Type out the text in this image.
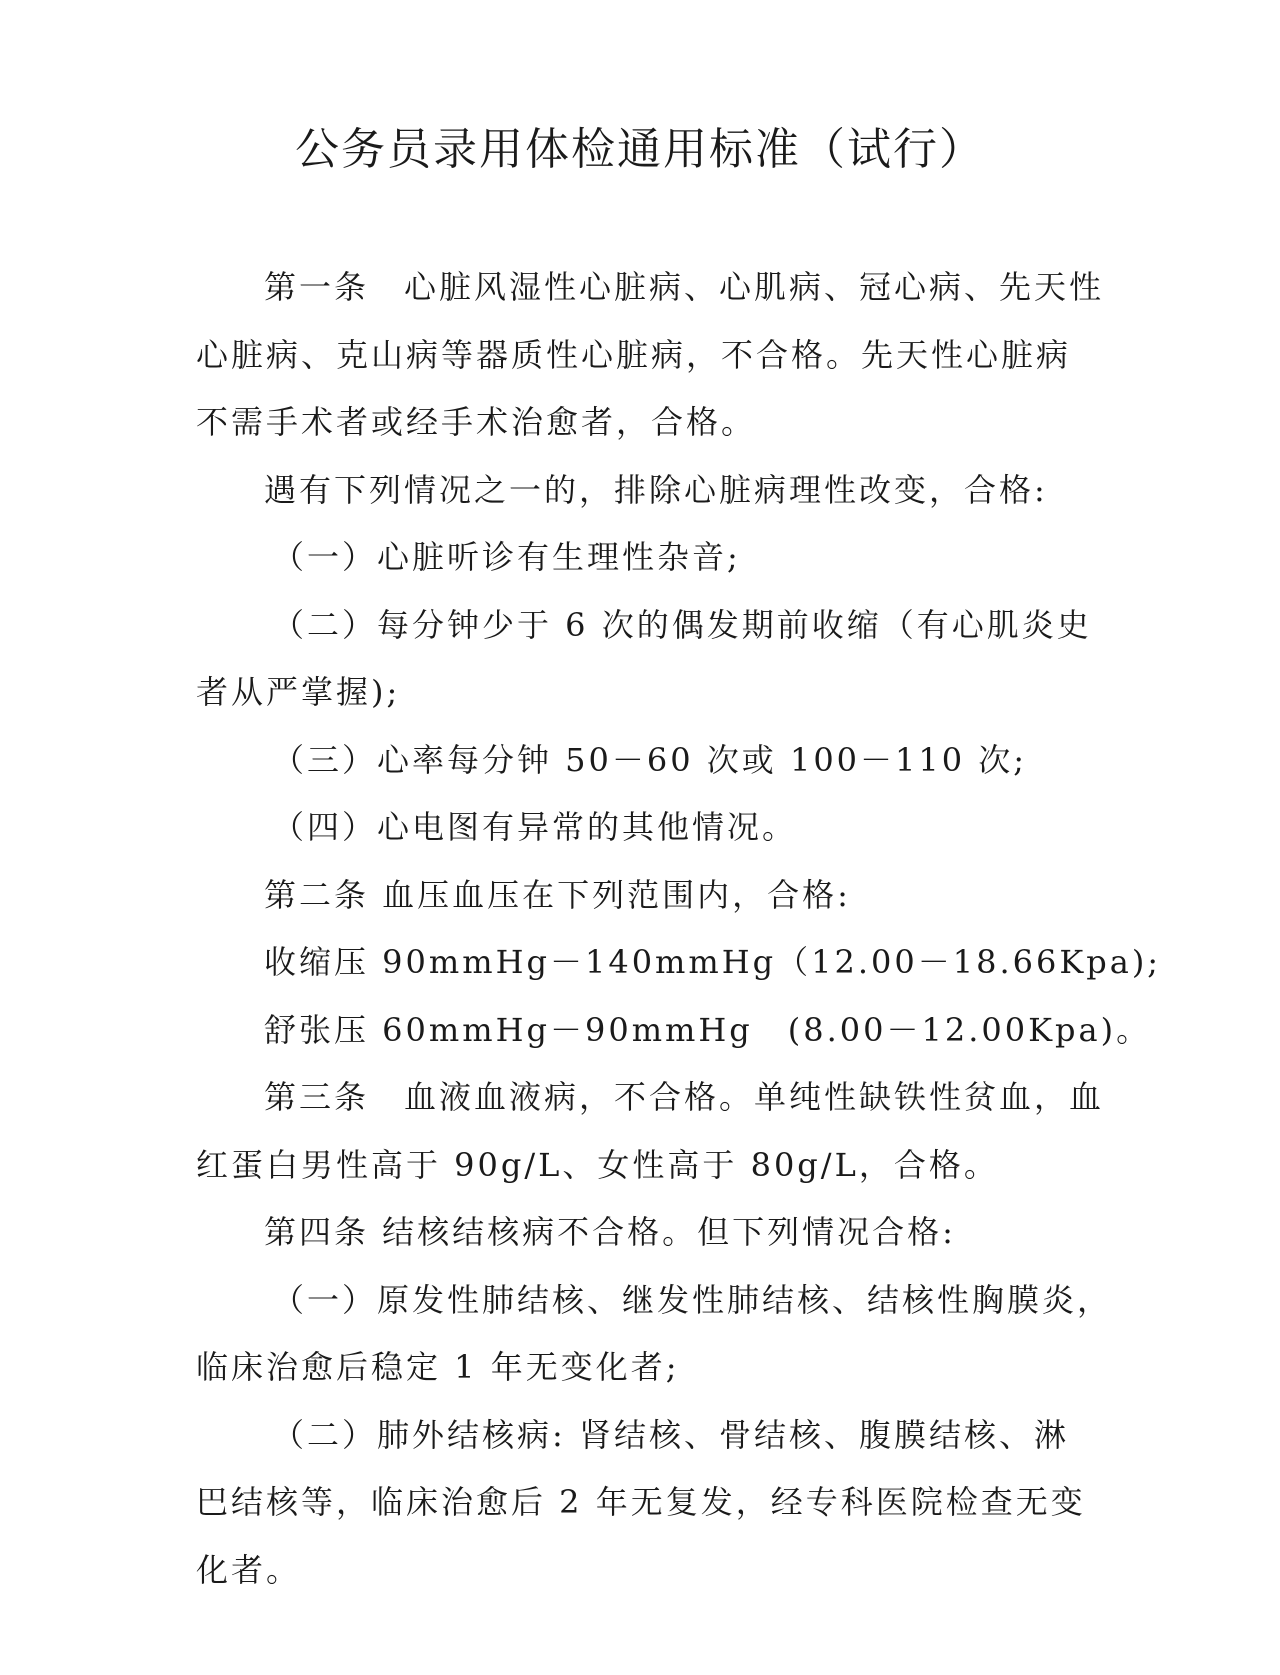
公务员录用体检通用标准（试行）
第一条　心脏风湿性心脏病、心肌病、冠心病、先天性
心脏病、克山病等器质性心脏病，不合格。先天性心脏病
不需手术者或经手术治愈者，合格。
遇有下列情况之一的，排除心脏病理性改变，合格:
（一）心脏听诊有生理性杂音;
（二）每分钟少于 6 次的偶发期前收缩（有心肌炎史
者从严掌握);
（三）心率每分钟 50－60 次或 100－110 次;
（四）心电图有异常的其他情况。
第二条 血压血压在下列范围内，合格:
收缩压 90mmHg－140mmHg（12.00－18.66Kpa);
舒张压 60mmHg－90mmHg　(8.00－12.00Kpa)。
第三条　血液血液病，不合格。单纯性缺铁性贫血，血
红蛋白男性高于 90g/L、女性高于 80g/L，合格。
第四条 结核结核病不合格。但下列情况合格:
（一）原发性肺结核、继发性肺结核、结核性胸膜炎，
临床治愈后稳定 1 年无变化者;
（二）肺外结核病: 肾结核、骨结核、腹膜结核、淋
巴结核等，临床治愈后 2 年无复发，经专科医院检查无变
化者。
